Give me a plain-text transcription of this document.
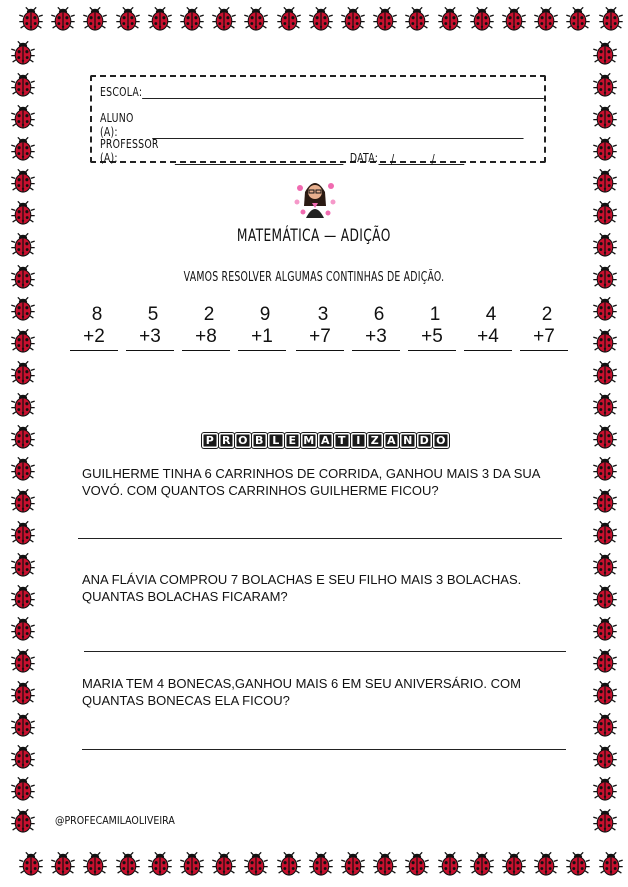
ESCOLA:
ALUNO (A):
PROFESSOR (A):	DATA:	/ /
MATEMÁTICA — ADIÇÃO
VAMOS RESOLVER ALGUMAS CONTINHAS DE ADIÇÃO.
8
+2
5
+3
2
+8
9
+1
3
+7
6
+3
1
+5
4
+4
2
+7
P R O B L E M A T I Z A N D O
GUILHERME TINHA 6 CARRINHOS DE CORRIDA, GANHOU MAIS 3 DA SUA VOVÓ. COM QUANTOS CARRINHOS GUILHERME FICOU?
ANA FLÁVIA COMPROU 7 BOLACHAS E SEU FILHO MAIS 3 BOLACHAS. QUANTAS BOLACHAS FICARAM?
MARIA TEM 4 BONECAS,GANHOU MAIS 6 EM SEU ANIVERSÁRIO. COM QUANTAS BONECAS ELA FICOU?
@PROFECAMILAOLIVEIRA
